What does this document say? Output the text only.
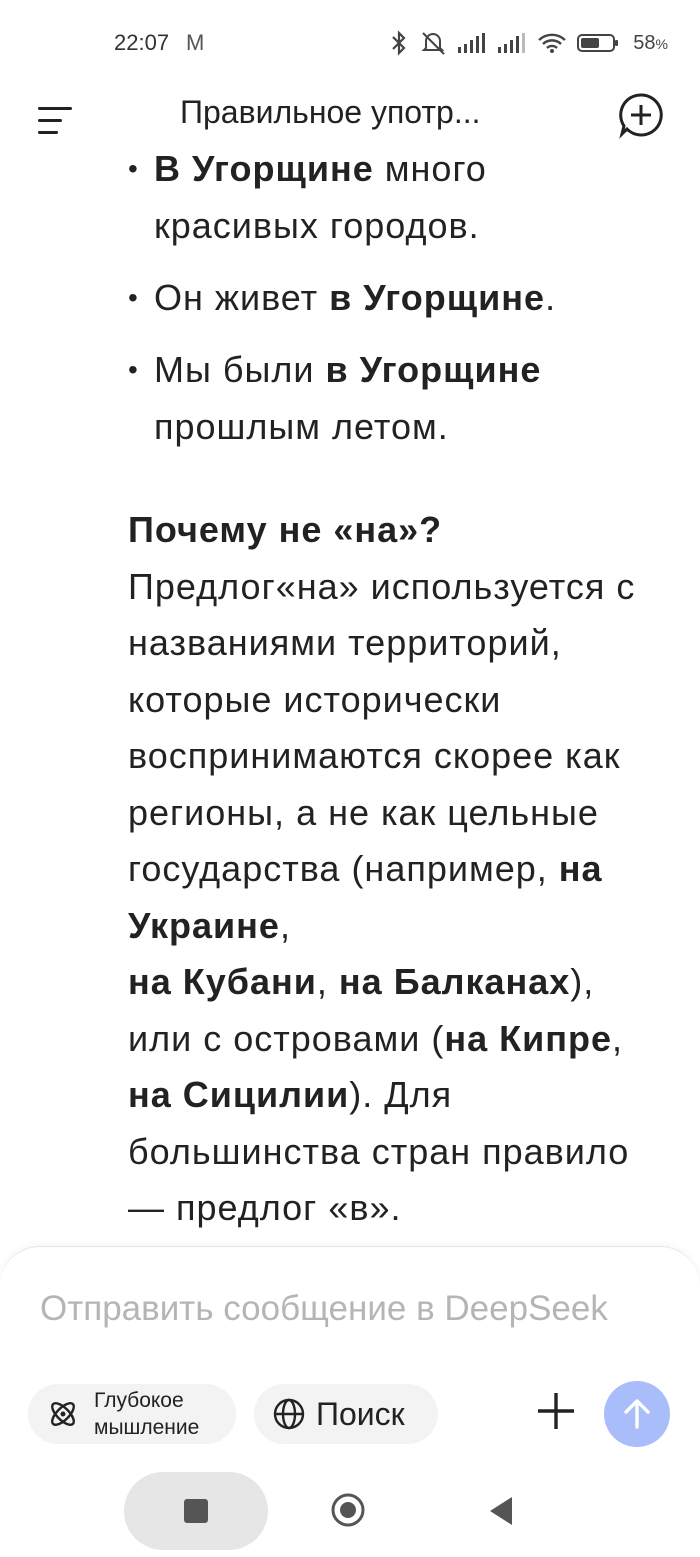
22:07 M	58%
Правильное употр...
• В Угорщине много красивых городов.
• Он живет в Угорщине.
• Мы были в Угорщине прошлым летом.
Почему не «на»?
Предлог«на» используется с названиями территорий, которые исторически воспринимаются скорее как регионы, а не как цельные государства (например, на Украине,
на Кубани, на Балканах), или с островами (на Кипре, на Сицилии). Для большинства стран правило — предлог «в».
Отправить сообщение в DeepSeek
Глубокое мышление	Поиск
